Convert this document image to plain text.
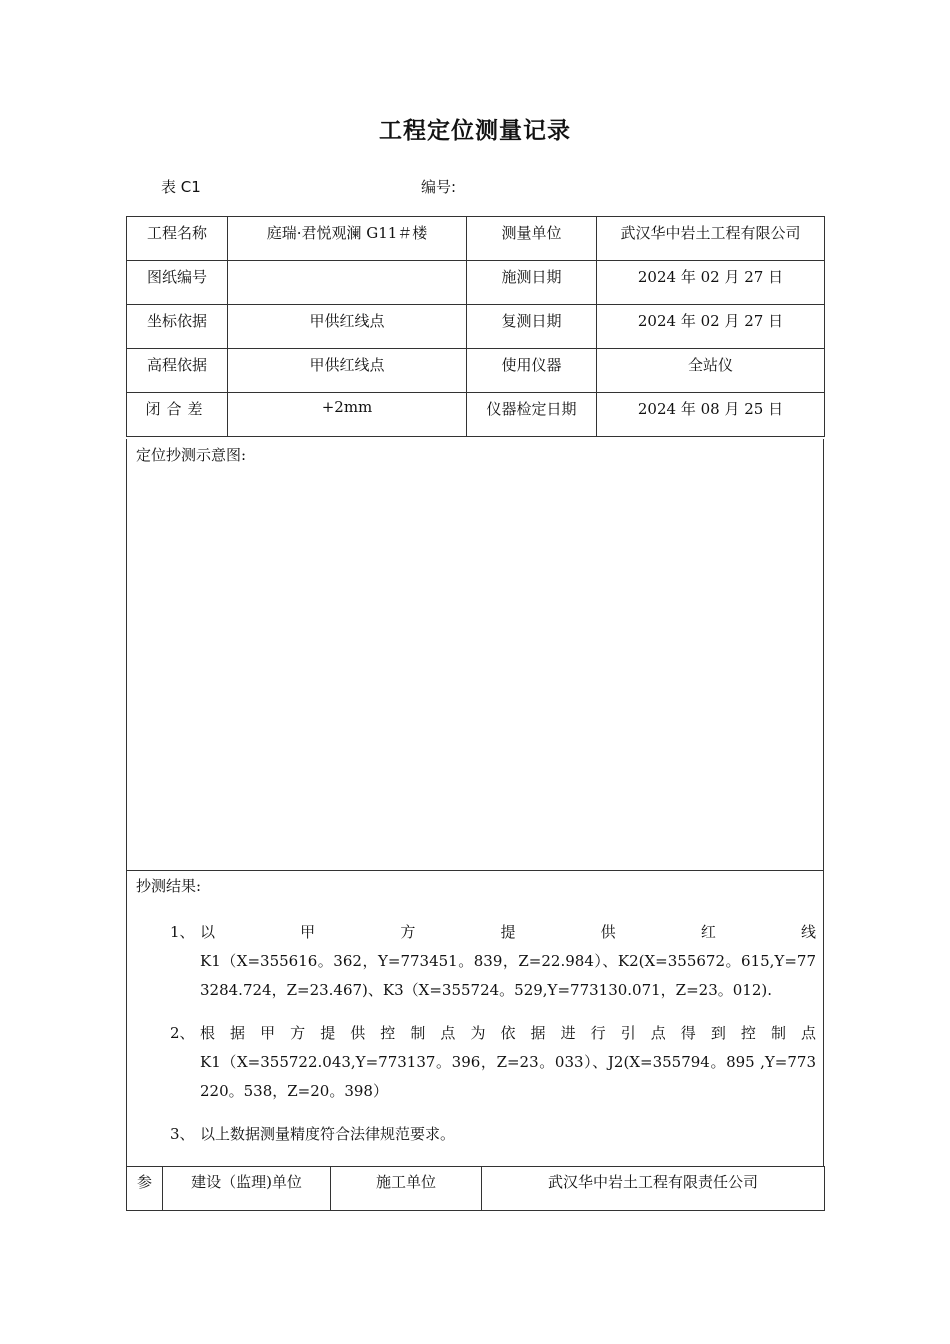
工程定位测量记录
表 C1	编号:
工程名称	庭瑞·君悦观澜 G11＃楼	测量单位	武汉华中岩土工程有限公司
图纸编号		施测日期	2024 年 02 月 27 日
坐标依据	甲供红线点	复测日期	2024 年 02 月 27 日
高程依据	甲供红线点	使用仪器	全站仪
闭合差	+2mm	仪器检定日期	2024 年 08 月 25 日
定位抄测示意图:
抄测结果:
1、 以 甲 方 提 供 红 线
K1（X=355616。362，Y=773451。839，Z=22.984）、K2(X=355672。615,Y=773284.724，Z=23.467)、K3（X=355724。529,Y=773130.071，Z=23。012).
2、 根 据 甲 方 提 供 控 制 点 为 依 据 进 行 引 点 得 到 控 制 点
K1（X=355722.043,Y=773137。396，Z=23。033）、J2(X=355794。895 ,Y=773220。538，Z=20。398）
3、 以上数据测量精度符合法律规范要求。
参	建设（监理)单位	施工单位	武汉华中岩土工程有限责任公司
